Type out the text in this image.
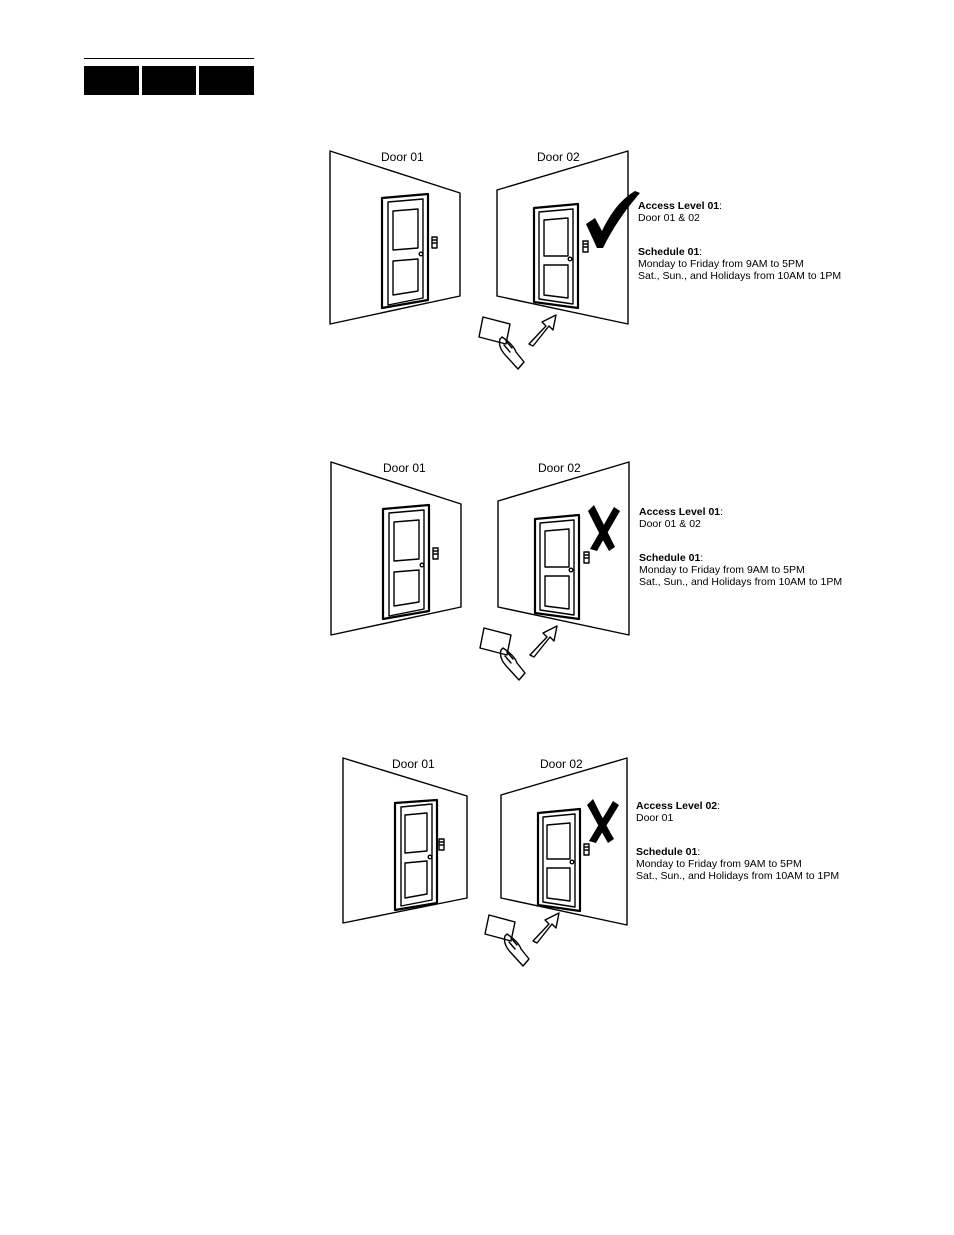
Door 01	Door 02
Access Level 01:
Door 01 & 02
Schedule 01:
Monday to Friday from 9AM to 5PM
Sat., Sun., and Holidays from 10AM to 1PM
Door 01	Door 02
Access Level 01:
Door 01 & 02
Schedule 01:
Monday to Friday from 9AM to 5PM
Sat., Sun., and Holidays from 10AM to 1PM
Door 01	Door 02
Access Level 02:
Door 01
Schedule 01:
Monday to Friday from 9AM to 5PM
Sat., Sun., and Holidays from 10AM to 1PM
